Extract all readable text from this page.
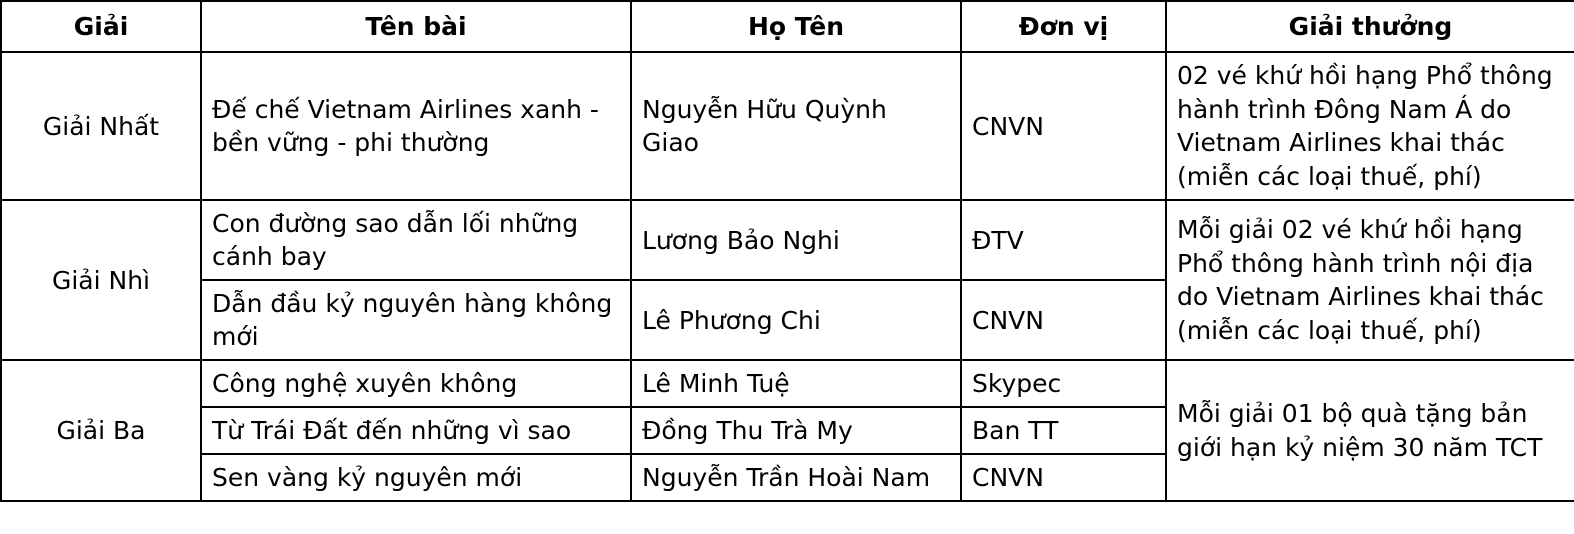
Giải	Tên bài	Họ Tên	Đơn vị	Giải thưởng

Giải Nhất	Đế chế Vietnam Airlines xanh - bền vững - phi thường	Nguyễn Hữu Quỳnh Giao	CNVN	02 vé khứ hồi hạng Phổ thông hành trình Đông Nam Á do Vietnam Airlines khai thác (miễn các loại thuế, phí)

Giải Nhì	Con đường sao dẫn lối những cánh bay	Lương Bảo Nghi	ĐTV	Mỗi giải 02 vé khứ hồi hạng Phổ thông hành trình nội địa do Vietnam Airlines khai thác (miễn các loại thuế, phí)

	Dẫn đầu kỷ nguyên hàng không mới	Lê Phương Chi	CNVN	

Giải Ba	Công nghệ xuyên không	Lê Minh Tuệ	Skypec	Mỗi giải 01 bộ quà tặng bản giới hạn kỷ niệm 30 năm TCT

	Từ Trái Đất đến những vì sao	Đồng Thu Trà My	Ban TT	

	Sen vàng kỷ nguyên mới	Nguyễn Trần Hoài Nam	CNVN	
